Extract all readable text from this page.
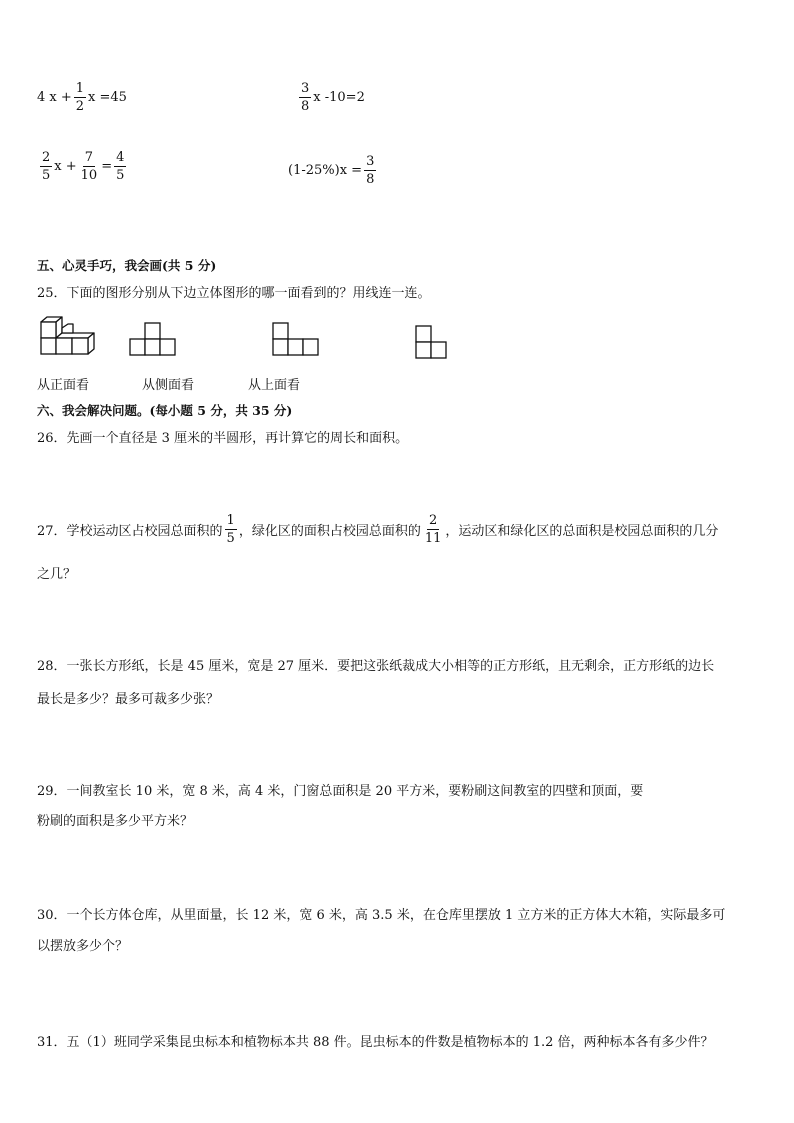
4 $x + \frac{1}{2}$ x =45	$\frac{3}{8}$ x -10=2
$\frac{2}{5}$ $x + \frac{7}{10} = \frac{4}{5}$	$(1-25\%)x = \frac{3}{8}$
五、心灵手巧，我会画(共 5 分)
25．下面的图形分别从下边立体图形的哪一面看到的？用线连一连。
从正面看	从侧面看	从上面看
六、我会解决问题。(每小题 5 分，共 35 分)
26．先画一个直径是 3 厘米的半圆形，再计算它的周长和面积。
27．学校运动区占校园总面积的 $\frac{1}{5}$ ，绿化区的面积占校园总面积的 $\frac{2}{11}$ ，运动区和绿化区的总面积是校园总面积的几分
之几？
28．一张长方形纸，长是 45 厘米，宽是 27 厘米．要把这张纸裁成大小相等的正方形纸，且无剩余，正方形纸的边长
最长是多少？最多可裁多少张？
29．一间教室长 10 米，宽 8 米，高 4 米，门窗总面积是 20 平方米，要粉刷这间教室的四壁和顶面，要
粉刷的面积是多少平方米？
30．一个长方体仓库，从里面量，长 12 米，宽 6 米，高 3.5 米，在仓库里摆放 1 立方米的正方体大木箱，实际最多可
以摆放多少个？
31．五（1）班同学采集昆虫标本和植物标本共 88 件。昆虫标本的件数是植物标本的 1.2 倍，两种标本各有多少件？
